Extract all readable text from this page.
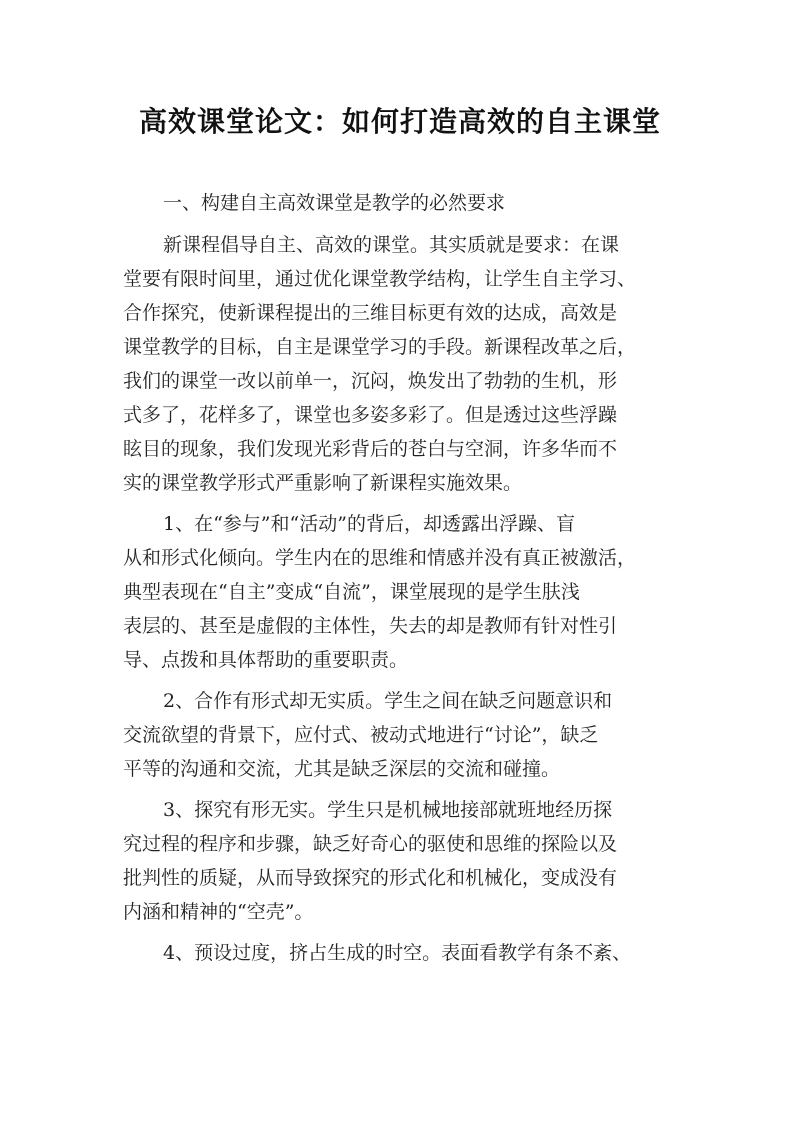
高效课堂论文：如何打造高效的自主课堂
一、构建自主高效课堂是教学的必然要求
新课程倡导自主、高效的课堂。其实质就是要求：在课
堂要有限时间里，通过优化课堂教学结构，让学生自主学习、
合作探究，使新课程提出的三维目标更有效的达成，高效是
课堂教学的目标，自主是课堂学习的手段。新课程改革之后，
我们的课堂一改以前单一，沉闷，焕发出了勃勃的生机，形
式多了，花样多了，课堂也多姿多彩了。但是透过这些浮躁
眩目的现象，我们发现光彩背后的苍白与空洞，许多华而不
实的课堂教学形式严重影响了新课程实施效果。
1、在“参与”和“活动”的背后，却透露出浮躁、盲
从和形式化倾向。学生内在的思维和情感并没有真正被激活，
典型表现在“自主”变成“自流”，课堂展现的是学生肤浅
表层的、甚至是虚假的主体性，失去的却是教师有针对性引
导、点拨和具体帮助的重要职责。
2、合作有形式却无实质。学生之间在缺乏问题意识和
交流欲望的背景下，应付式、被动式地进行“讨论”，缺乏
平等的沟通和交流，尤其是缺乏深层的交流和碰撞。
3、探究有形无实。学生只是机械地接部就班地经历探
究过程的程序和步骤，缺乏好奇心的驱使和思维的探险以及
批判性的质疑，从而导致探究的形式化和机械化，变成没有
内涵和精神的“空壳”。
4、预设过度，挤占生成的时空。表面看教学有条不紊、
